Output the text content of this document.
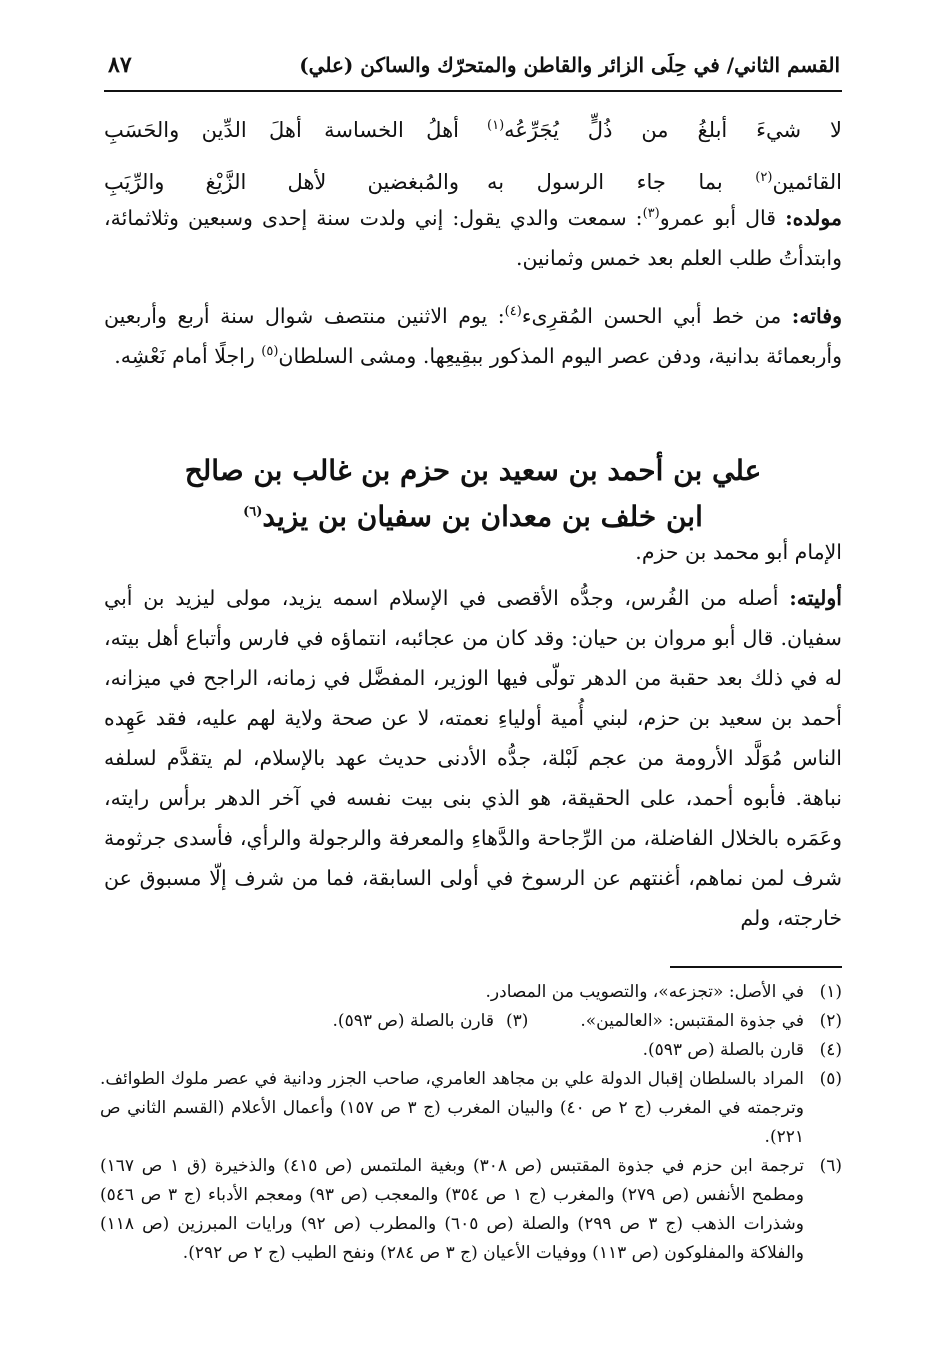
القسم الثاني/ في حِلَى الزائر والقاطن والمتحرّك والساكن (علي)
٨٧
لا شيءَ أبلغُ من ذُلٍّ يُجَرِّعُه$^{(١)}$
أهلُ الخساسة أهلَ الدِّين والحَسَبِ
القائمين$^{(٢)}$ بما جاء الرسول به
والمُبغضين لأهل الزَّيْغ والرِّيَبِ

مولده: قال أبو عمرو$^{(٣)}$: سمعت والدي يقول: إني ولدت سنة إحدى وسبعين وثلاثمائة، وابتدأتُ طلب العلم بعد خمس وثمانين.

وفاته: من خط أبي الحسن المُقرِىء$^{(٤)}$: يوم الاثنين منتصف شوال سنة أربع وأربعين وأربعمائة بدانية، ودفن عصر اليوم المذكور ببقِيعِها. ومشى السلطان$^{(٥)}$ راجلًا أمام نَعْشِه.

علي بن أحمد بن سعيد بن حزم بن غالب بن صالح
ابن خلف بن معدان بن سفيان بن يزيد$^{(٦)}$

الإمام أبو محمد بن حزم.

أوليته: أصله من الفُرس، وجدُّه الأقصى في الإسلام اسمه يزيد، مولى ليزيد بن أبي سفيان. قال أبو مروان بن حيان: وقد كان من عجائبه، انتماؤه في فارس وأتباع أهل بيته، له في ذلك بعد حقبة من الدهر تولّى فيها الوزير، المفضَّل في زمانه، الراجح في ميزانه، أحمد بن سعيد بن حزم، لبني أُمية أولياءِ نعمته، لا عن صحة ولاية لهم عليه، فقد عَهِده الناس مُوَلَّد الأرومة من عجم لَبْلة، جدُّه الأدنى حديث عهد بالإسلام، لم يتقدَّم لسلفه نباهة. فأبوه أحمد، على الحقيقة، هو الذي بنى بيت نفسه في آخر الدهر برأس رايته، وعَمَره بالخلال الفاضلة، من الرِّجاحة والدَّهاءِ والمعرفة والرجولة والرأي، فأسدى جرثومة شرف لمن نماهم، أغنتهم عن الرسوخ في أولى السابقة، فما من شرف إلّا مسبوق عن خارجته، ولم

(١)
في الأصل: «تجزعه»، والتصويب من المصادر.
(٢)
في جذوة المقتبس: «العالمين».
(٣)
قارن بالصلة (ص ٥٩٣).
(٤)
قارن بالصلة (ص ٥٩٣).
(٥)
المراد بالسلطان إقبال الدولة علي بن مجاهد العامري، صاحب الجزر ودانية في عصر ملوك الطوائف. وترجمته في المغرب (ج ٢ ص ٤٠) والبيان المغرب (ج ٣ ص ١٥٧) وأعمال الأعلام (القسم الثاني ص ٢٢١).
(٦)
ترجمة ابن حزم في جذوة المقتبس (ص ٣٠٨) وبغية الملتمس (ص ٤١٥) والذخيرة (ق ١ ص ١٦٧) ومطمح الأنفس (ص ٢٧٩) والمغرب (ج ١ ص ٣٥٤) والمعجب (ص ٩٣) ومعجم الأدباء (ج ٣ ص ٥٤٦) وشذرات الذهب (ج ٣ ص ٢٩٩) والصلة (ص ٦٠٥) والمطرب (ص ٩٢) ورايات المبرزين (ص ١١٨) والفلاكة والمفلوكون (ص ١١٣) ووفيات الأعيان (ج ٣ ص ٢٨٤) ونفح الطيب (ج ٢ ص ٢٩٢).
